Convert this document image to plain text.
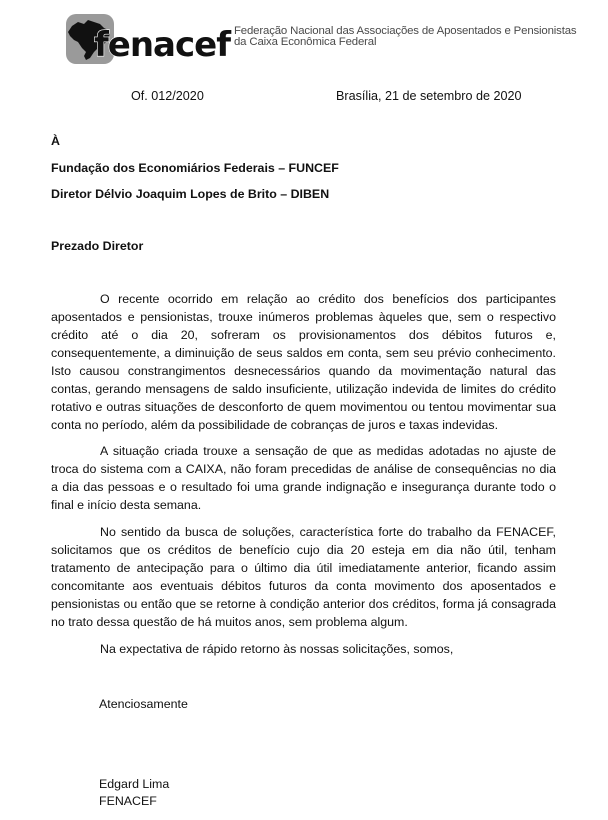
fenacef Federação Nacional das Associações de Aposentados e Pensionistas
da Caixa Econômica Federal
Of. 012/2020	Brasília, 21 de setembro de 2020
À
Fundação dos Economiários Federais – FUNCEF
Diretor Délvio Joaquim Lopes de Brito – DIBEN
Prezado Diretor

O recente ocorrido em relação ao crédito dos benefícios dos participantes aposentados e pensionistas, trouxe inúmeros problemas àqueles que, sem o respectivo crédito até o dia 20, sofreram os provisionamentos dos débitos futuros e, consequentemente, a diminuição de seus saldos em conta, sem seu prévio conhecimento. Isto causou constrangimentos desnecessários quando da movimentação natural das contas, gerando mensagens de saldo insuficiente, utilização indevida de limites do crédito rotativo e outras situações de desconforto de quem movimentou ou tentou movimentar sua conta no período, além da possibilidade de cobranças de juros e taxas indevidas.

A situação criada trouxe a sensação de que as medidas adotadas no ajuste de troca do sistema com a CAIXA, não foram precedidas de análise de consequências no dia a dia das pessoas e o resultado foi uma grande indignação e insegurança durante todo o final e início desta semana.

No sentido da busca de soluções, característica forte do trabalho da FENACEF, solicitamos que os créditos de benefício cujo dia 20 esteja em dia não útil, tenham tratamento de antecipação para o último dia útil imediatamente anterior, ficando assim concomitante aos eventuais débitos futuros da conta movimento dos aposentados e pensionistas ou então que se retorne à condição anterior dos créditos, forma já consagrada no trato dessa questão de há muitos anos, sem problema algum.

Na expectativa de rápido retorno às nossas solicitações, somos,

Atenciosamente
Edgard Lima
FENACEF
